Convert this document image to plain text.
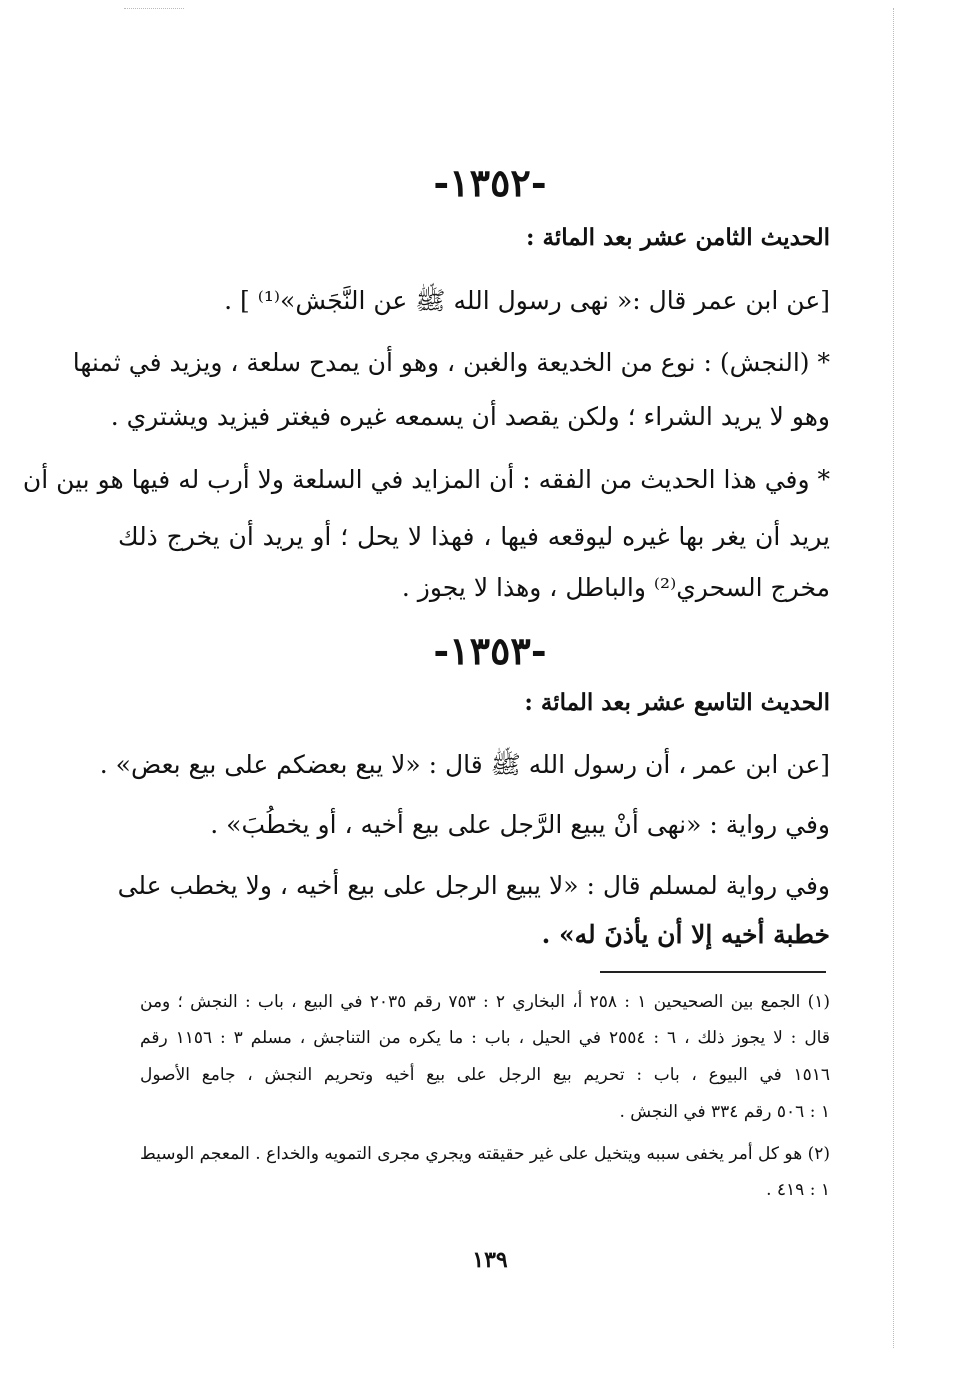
-١٣٥٢-
الحديث الثامن عشر بعد المائة :
[عن ابن عمر قال :« نهى رسول الله ﷺ عن النَّجَش»⁽¹⁾ ] .
* (النجش) : نوع من الخديعة والغبن ، وهو أن يمدح سلعة ، ويزيد في ثمنها
وهو لا يريد الشراء ؛ ولكن يقصد أن يسمعه غيره فيغتر فيزيد ويشتري .
* وفي هذا الحديث من الفقه : أن المزايد في السلعة ولا أرب له فيها هو بين أن
يريد أن يغر بها غيره ليوقعه فيها ، فهذا لا يحل ؛ أو يريد أن يخرج ذلك
مخرج السحري⁽²⁾ والباطل ، وهذا لا يجوز .
-١٣٥٣-
الحديث التاسع عشر بعد المائة :
[عن ابن عمر ، أن رسول الله ﷺ قال : «لا يبع بعضكم على بيع بعض» .
وفي رواية : «نهى أنْ يبيع الرَّجل على بيع أخيه ، أو يخطُبَ» .
وفي رواية لمسلم قال : «لا يبيع الرجل على بيع أخيه ، ولا يخطب على
خطبة أخيه إلا أن يأذنَ له» .
(١) الجمع بين الصحيحين ١ : ٢٥٨ أ، البخاري ٢ : ٧٥٣ رقم ٢٠٣٥ في البيع ، باب : النجش ؛ ومن
قال : لا يجوز ذلك ، ٦ : ٢٥٥٤ في الحيل ، باب : ما يكره من التناجش ، مسلم ٣ : ١١٥٦ رقم
١٥١٦ في البيوع ، باب : تحريم بيع الرجل على بيع أخيه وتحريم النجش ، جامع الأصول
١ : ٥٠٦ رقم ٣٣٤ في النجش .
(٢) هو كل أمر يخفى سببه ويتخيل على غير حقيقته ويجري مجرى التمويه والخداع . المعجم الوسيط
١ : ٤١٩ .
١٣٩
